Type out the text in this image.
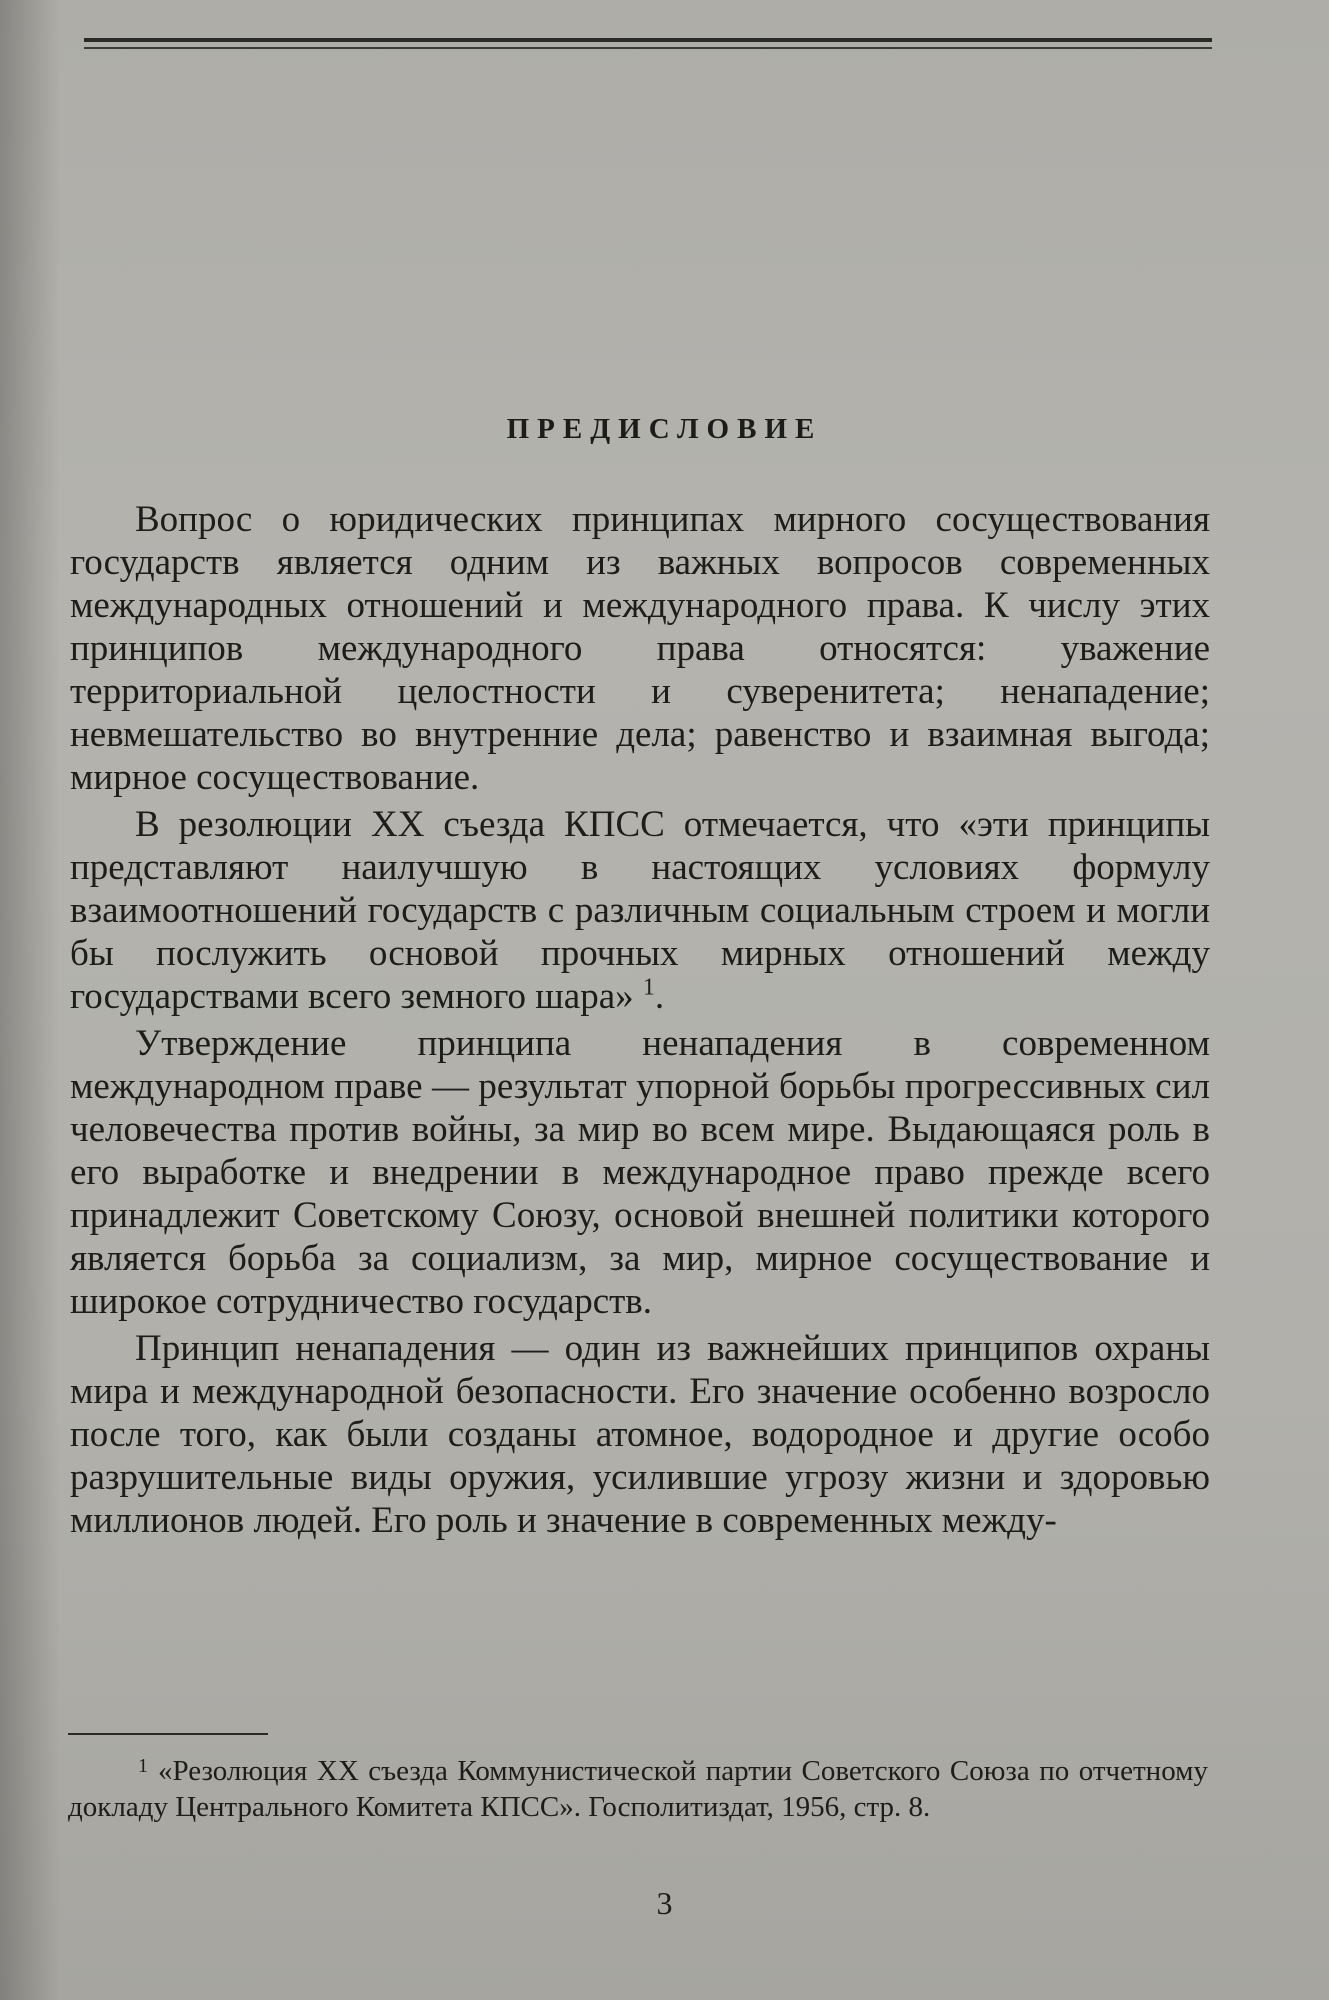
ПРЕДИСЛОВИЕ

Вопрос о юридических принципах мирного сосуществования государств является одним из важных вопросов современных международных отношений и международного права. К числу этих принципов международного права относятся: уважение территориальной целостности и суверенитета; ненападение; невмешательство во внутренние дела; равенство и взаимная выгода; мирное сосуществование.

В резолюции XX съезда КПСС отмечается, что «эти принципы представляют наилучшую в настоящих условиях формулу взаимоотношений государств с различным социальным строем и могли бы послужить основой прочных мирных отношений между государствами всего земного шара» $^1$.

Утверждение принципа ненападения в современном международном праве — результат упорной борьбы прогрессивных сил человечества против войны, за мир во всем мире. Выдающаяся роль в его выработке и внедрении в международное право прежде всего принадлежит Советскому Союзу, основой внешней политики которого является борьба за социализм, за мир, мирное сосуществование и широкое сотрудничество государств.

Принцип ненападения — один из важнейших принципов охраны мира и международной безопасности. Его значение особенно возросло после того, как были созданы атомное, водородное и другие особо разрушительные виды оружия, усилившие угрозу жизни и здоровью миллионов людей. Его роль и значение в современных между-

$^1$ «Резолюция XX съезда Коммунистической партии Советского Союза по отчетному докладу Центрального Комитета КПСС». Госполитиздат, 1956, стр. 8.
3
